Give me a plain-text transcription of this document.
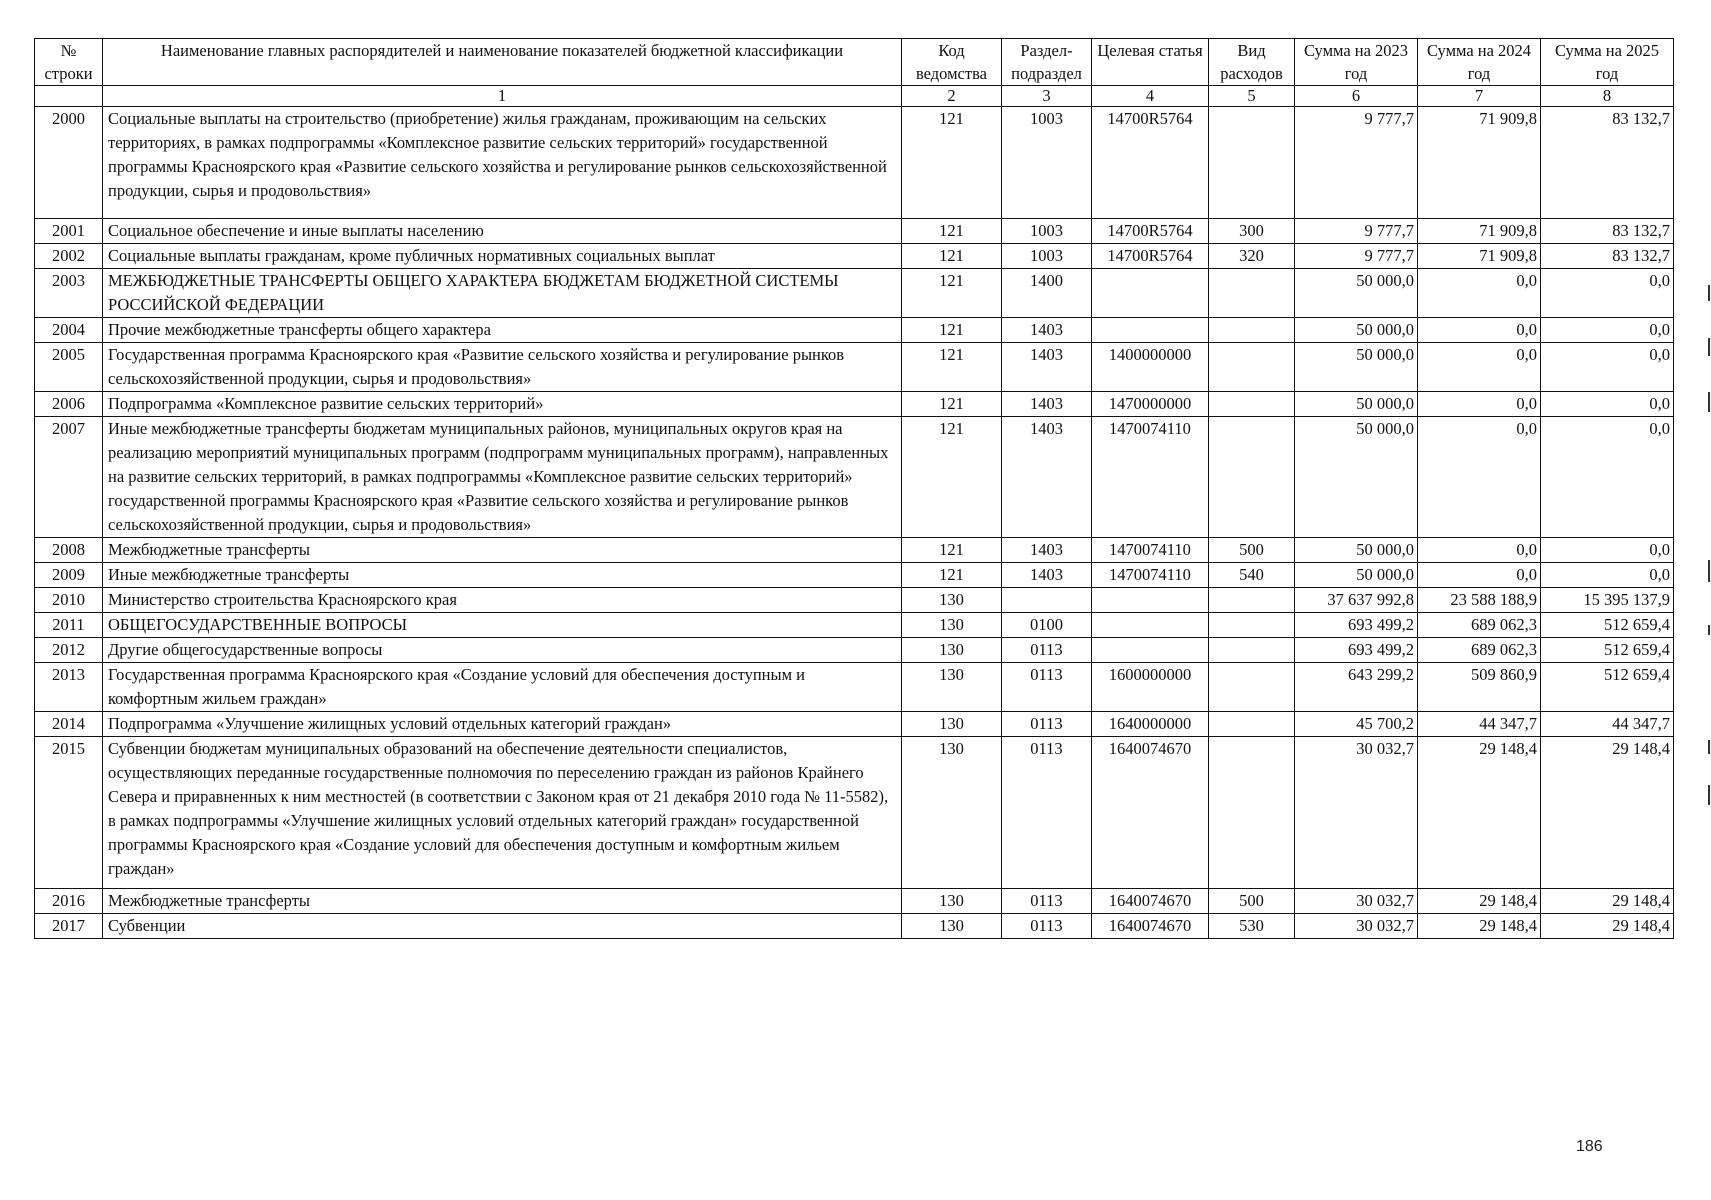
№ строки	Наименование главных распорядителей и наименование показателей бюджетной классификации	Код ведомства	Раздел-подраздел	Целевая статья	Вид расходов	Сумма на 2023 год	Сумма на 2024 год	Сумма на 2025 год
	1	2	3	4	5	6	7	8
2000	Социальные выплаты на строительство (приобретение) жилья гражданам, проживающим на сельских территориях, в рамках подпрограммы «Комплексное развитие сельских территорий» государственной программы Красноярского края «Развитие сельского хозяйства и регулирование рынков сельскохозяйственной продукции, сырья и продовольствия»	121	1003	14700R5764		9 777,7	71 909,8	83 132,7
2001	Социальное обеспечение и иные выплаты населению	121	1003	14700R5764	300	9 777,7	71 909,8	83 132,7
2002	Социальные выплаты гражданам, кроме публичных нормативных социальных выплат	121	1003	14700R5764	320	9 777,7	71 909,8	83 132,7
2003	МЕЖБЮДЖЕТНЫЕ ТРАНСФЕРТЫ ОБЩЕГО ХАРАКТЕРА БЮДЖЕТАМ БЮДЖЕТНОЙ СИСТЕМЫ РОССИЙСКОЙ ФЕДЕРАЦИИ	121	1400			50 000,0	0,0	0,0
2004	Прочие межбюджетные трансферты общего характера	121	1403			50 000,0	0,0	0,0
2005	Государственная программа Красноярского края «Развитие сельского хозяйства и регулирование рынков сельскохозяйственной продукции, сырья и продовольствия»	121	1403	1400000000		50 000,0	0,0	0,0
2006	Подпрограмма «Комплексное развитие сельских территорий»	121	1403	1470000000		50 000,0	0,0	0,0
2007	Иные межбюджетные трансферты бюджетам муниципальных районов, муниципальных округов края на реализацию мероприятий муниципальных программ (подпрограмм муниципальных программ), направленных на развитие сельских территорий, в рамках подпрограммы «Комплексное развитие сельских территорий» государственной программы Красноярского края «Развитие сельского хозяйства и регулирование рынков сельскохозяйственной продукции, сырья и продовольствия»	121	1403	1470074110		50 000,0	0,0	0,0
2008	Межбюджетные трансферты	121	1403	1470074110	500	50 000,0	0,0	0,0
2009	Иные межбюджетные трансферты	121	1403	1470074110	540	50 000,0	0,0	0,0
2010	Министерство строительства Красноярского края	130				37 637 992,8	23 588 188,9	15 395 137,9
2011	ОБЩЕГОСУДАРСТВЕННЫЕ ВОПРОСЫ	130	0100			693 499,2	689 062,3	512 659,4
2012	Другие общегосударственные вопросы	130	0113			693 499,2	689 062,3	512 659,4
2013	Государственная программа Красноярского края «Создание условий для обеспечения доступным и комфортным жильем граждан»	130	0113	1600000000		643 299,2	509 860,9	512 659,4
2014	Подпрограмма «Улучшение жилищных условий отдельных категорий граждан»	130	0113	1640000000		45 700,2	44 347,7	44 347,7
2015	Субвенции бюджетам муниципальных образований на обеспечение деятельности специалистов, осуществляющих переданные государственные полномочия по переселению граждан из районов Крайнего Севера и приравненных к ним местностей (в соответствии с Законом края от 21 декабря 2010 года № 11-5582), в рамках подпрограммы «Улучшение жилищных условий отдельных категорий граждан» государственной программы Красноярского края «Создание условий для обеспечения доступным и комфортным жильем граждан»	130	0113	1640074670		30 032,7	29 148,4	29 148,4
2016	Межбюджетные трансферты	130	0113	1640074670	500	30 032,7	29 148,4	29 148,4
2017	Субвенции	130	0113	1640074670	530	30 032,7	29 148,4	29 148,4
186
